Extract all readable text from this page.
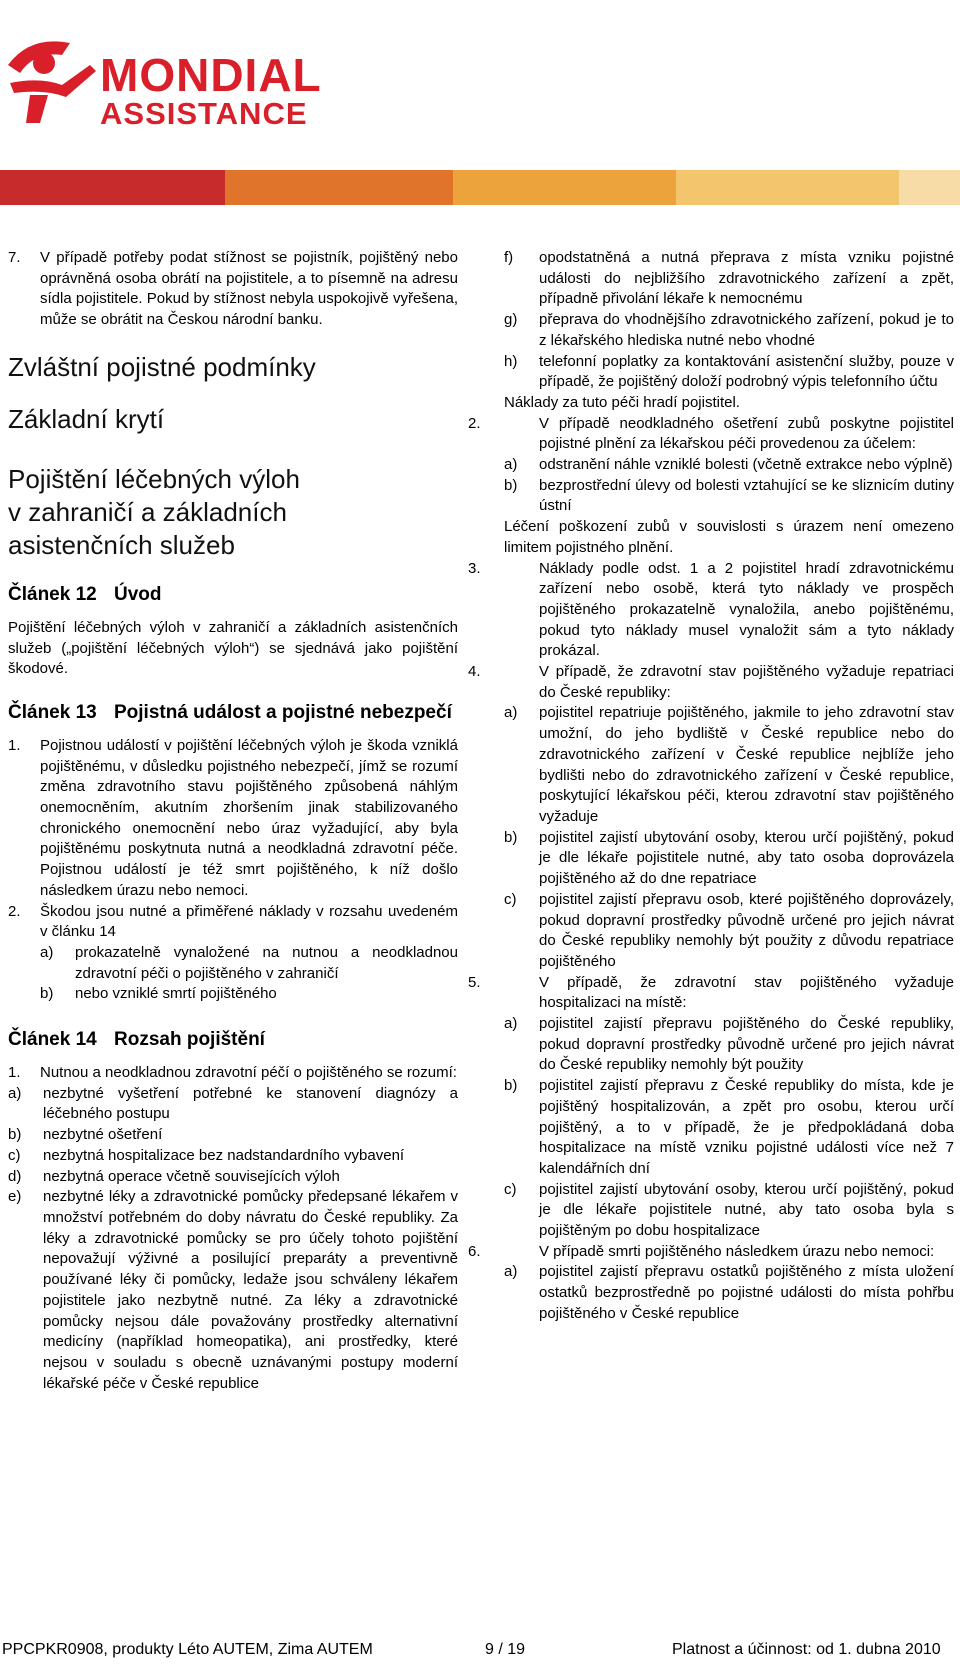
MONDIAL
ASSISTANCE
7. V případě potřeby podat stížnost se pojistník, pojištěný nebo oprávněná osoba obrátí na pojistitele, a to písemně na adresu sídla pojistitele. Pokud by stížnost nebyla uspokojivě vyřešena, může se obrátit na Českou národní banku.
Zvláštní pojistné podmínky
Základní krytí
Pojištění léčebných výloh
v zahraničí a základních
asistenčních služeb
Článek 12 Úvod
Pojištění léčebných výloh v zahraničí a základních asistenčních služeb („pojištění léčebných výloh“) se sjednává jako pojištění škodové.
Článek 13 Pojistná událost a pojistné nebezpečí
1. Pojistnou událostí v pojištění léčebných výloh je škoda vzniklá pojištěnému, v důsledku pojistného nebezpečí, jímž se rozumí změna zdravotního stavu pojištěného způsobená náhlým onemocněním, akutním zhoršením jinak stabilizovaného chronického onemocnění nebo úraz vyžadující, aby byla pojištěnému poskytnuta nutná a neodkladná zdravotní péče. Pojistnou událostí je též smrt pojištěného, k níž došlo následkem úrazu nebo nemoci.
2. Škodou jsou nutné a přiměřené náklady v rozsahu uvedeném v článku 14
a) prokazatelně vynaložené na nutnou a neodkladnou zdravotní péči o pojištěného v zahraničí
b) nebo vzniklé smrtí pojištěného
Článek 14 Rozsah pojištění
1. Nutnou a neodkladnou zdravotní péčí o pojištěného se rozumí:
a) nezbytné vyšetření potřebné ke stanovení diagnózy a léčebného postupu
b) nezbytné ošetření
c) nezbytná hospitalizace bez nadstandardního vybavení
d) nezbytná operace včetně souvisejících výloh
e) nezbytné léky a zdravotnické pomůcky předepsané lékařem v množství potřebném do doby návratu do České republiky. Za léky a zdravotnické pomůcky se pro účely tohoto pojištění nepovažují výživné a posilující preparáty a preventivně používané léky či pomůcky, ledaže jsou schváleny lékařem pojistitele jako nezbytně nutné. Za léky a zdravotnické pomůcky nejsou dále považovány prostředky alternativní medicíny (například homeopatika), ani prostředky, které nejsou v souladu s obecně uznávanými postupy moderní lékařské péče v České republice
f) opodstatněná a nutná přeprava z místa vzniku pojistné události do nejbližšího zdravotnického zařízení a zpět, případně přivolání lékaře k nemocnému
g) přeprava do vhodnějšího zdravotnického zařízení, pokud je to z lékařského hlediska nutné nebo vhodné
h) telefonní poplatky za kontaktování asistenční služby, pouze v případě, že pojištěný doloží podrobný výpis telefonního účtu
Náklady za tuto péči hradí pojistitel.
2.	V případě neodkladného ošetření zubů poskytne pojistitel pojistné plnění za lékařskou péči provedenou za účelem:
a) odstranění náhle vzniklé bolesti (včetně extrakce nebo výplně)
b) bezprostřední úlevy od bolesti vztahující se ke sliznicím dutiny ústní
Léčení poškození zubů v souvislosti s úrazem není omezeno limitem pojistného plnění.
3.	Náklady podle odst. 1 a 2 pojistitel hradí zdravotnickému zařízení nebo osobě, která tyto náklady ve prospěch pojištěného prokazatelně vynaložila, anebo pojištěnému, pokud tyto náklady musel vynaložit sám a tyto náklady prokázal.
4.	V případě, že zdravotní stav pojištěného vyžaduje repatriaci do České republiky:
a) pojistitel repatriuje pojištěného, jakmile to jeho zdravotní stav umožní, do jeho bydliště v České republice nebo do zdravotnického zařízení v České republice nejblíže jeho bydlišti nebo do zdravotnického zařízení v České republice, poskytující lékařskou péči, kterou zdravotní stav pojištěného vyžaduje
b) pojistitel zajistí ubytování osoby, kterou určí pojištěný, pokud je dle lékaře pojistitele nutné, aby tato osoba doprovázela pojištěného až do dne repatriace
c) pojistitel zajistí přepravu osob, které pojištěného doprovázely, pokud dopravní prostředky původně určené pro jejich návrat do České republiky nemohly být použity z důvodu repatriace pojištěného
5.	V případě, že zdravotní stav pojištěného vyžaduje hospitalizaci na místě:
a) pojistitel zajistí přepravu pojištěného do České republiky, pokud dopravní prostředky původně určené pro jejich návrat do České republiky nemohly být použity
b) pojistitel zajistí přepravu z České republiky do místa, kde je pojištěný hospitalizován, a zpět pro osobu, kterou určí pojištěný, a to v případě, že je předpokládaná doba hospitalizace na místě vzniku pojistné události více než 7 kalendářních dní
c) pojistitel zajistí ubytování osoby, kterou určí pojištěný, pokud je dle lékaře pojistitele nutné, aby tato osoba byla s pojištěným po dobu hospitalizace
6.	V případě smrti pojištěného následkem úrazu nebo nemoci:
a) pojistitel zajistí přepravu ostatků pojištěného z místa uložení ostatků bezprostředně po pojistné události do místa pohřbu pojištěného v České republice
PPCPKR0908, produkty Léto AUTEM, Zima AUTEM	9 / 19	Platnost a účinnost: od 1. dubna 2010
